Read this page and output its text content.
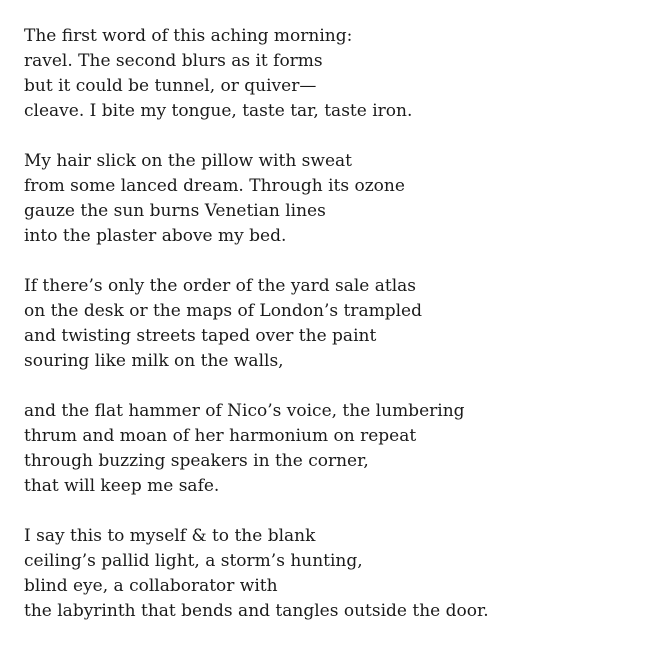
The first word of this aching morning:
ravel. The second blurs as it forms
but it could be tunnel, or quiver—
cleave. I bite my tongue, taste tar, taste iron.
My hair slick on the pillow with sweat
from some lanced dream. Through its ozone
gauze the sun burns Venetian lines
into the plaster above my bed.
If there’s only the order of the yard sale atlas
on the desk or the maps of London’s trampled
and twisting streets taped over the paint
souring like milk on the walls,
and the flat hammer of Nico’s voice, the lumbering
thrum and moan of her harmonium on repeat
through buzzing speakers in the corner,
that will keep me safe.
I say this to myself & to the blank
ceiling’s pallid light, a storm’s hunting,
blind eye, a collaborator with
the labyrinth that bends and tangles outside the door.
